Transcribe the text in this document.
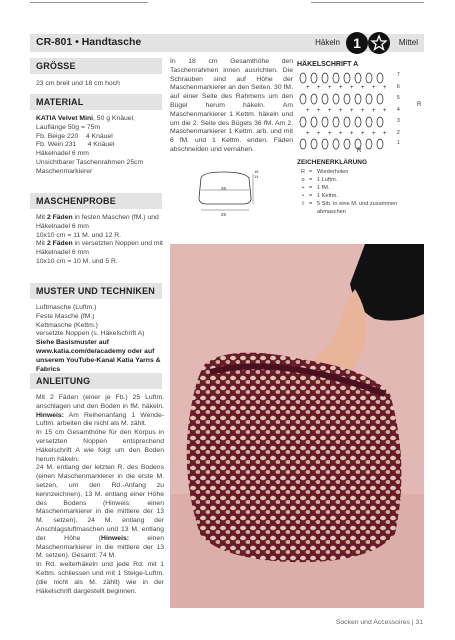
CR-801 • Handtasche	Häkeln 1	Mittel
GRÖSSE
23 cm breit und 18 cm hoch
MATERIAL
KATIA Velvet Mini, 50 g Knäuel,
Lauflänge 50g = 75m
Fb. Beige 220    4 Knäuel
Fb. Wein 231      4 Knäuel
Häkelnadel 6 mm
Unsichtbarer Taschenrahmen 25cm
Maschenmarkierer
MASCHENPROBE
Mit 2 Fäden in festen Maschen (fM.) und Häkelnadel 6 mm
10x10 cm = 11 M. und 12 R.
Mit 2 Fäden in versetzten Noppen und mit Häkelnadel 6 mm
10x10 cm = 10 M. und 5 R.
MUSTER UND TECHNIKEN
Luftmasche (Luftm.)
Feste Masche (fM.)
Kettmasche (Kettm.)
versetzte Noppen (s. Häkelschrift A)
Siehe Basismuster auf www.katia.com/de/academy oder auf unserem YouTube-Kanal Katia Yarns & Fabrics
ANLEITUNG
Mit 2 Fäden (einer je Fb.) 25 Luftm. anschlagen und den Boden in fM. häkeln. Hinweis: Am Reihenanfang 1 Wende-Luftm. arbeiten die nicht als M. zählt.
In 15 cm Gesamthöhe für den Korpus in versetzten Noppen entsprechend Häkelschrift A wie folgt um den Boden herum häkeln:
24 M. entlang der letzten R. des Bodens (einen Maschenmarkierer in die erste M. setzen, um den Rd.-Anfang zu kennzeichnen), 13 M. entlang einer Höhe des Bodens (Hinweis: einen Maschenmarkierer in die mittlere der 13 M. setzen), 24 M. entlang der Anschlagsluftmaschen und 13 M. entlang der Höhe (Hinweis: einen Maschenmarkierer in die mittlere der 13 M. setzen). Gesamt: 74 M.
In Rd. weiterhäkeln und jede Rd. mit 1 Kettm. schliessen und mit 1 Steige-Luftm. (die nicht als M. zählt) wie in der Häkelschrift dargestellt beginnen.
In 18 cm Gesamthöhe den Taschenrahmen innen ausrichten. Die Schrauben sind auf Höhe der Maschenmarkierer an den Seiten. 30 fM. auf einer Seite des Rahmens um den Bügel herum häkeln. Am Maschenmarkierer 1 Kettm. häkeln und um die 2. Seite des Bügels 36 fM. Am 2. Maschenmarkierer 1 Kettm. arb. und mit 6 fM. und 1 Kettm. enden. Fäden abschneiden und vernähen.
26
18
14
25
HÄKELSCHRIFT A
+ + + + + + + +
+ + + + + + + +
+ + + + + + + +
7
6
5
4
3
2
1
R
R
ZEICHENERKLÄRUNG
R = Wiederholen
o = 1 Luftm.
+ = 1 fM.
• = 1 Kettm.
◊ = 5 Stb. in eine M. und zusammen abmaschen
Socken und Accessoires | 31
